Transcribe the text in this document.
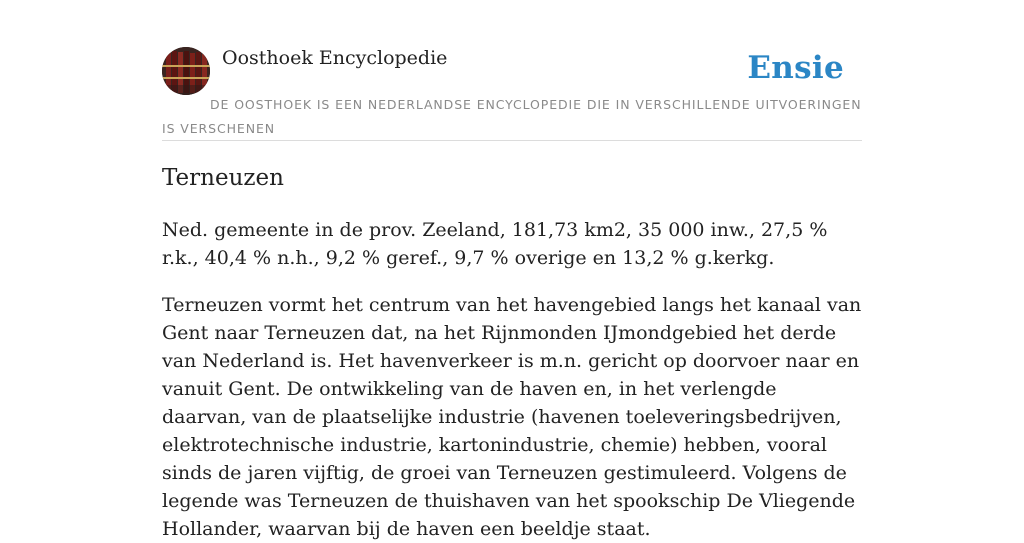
Oosthoek Encyclopedie	Ensie
DE OOSTHOEK IS EEN NEDERLANDSE ENCYCLOPEDIE DIE IN VERSCHILLENDE UITVOERINGEN IS VERSCHENEN
Terneuzen

Ned. gemeente in de prov. Zeeland, 181,73 km2, 35 000 inw., 27,5 % r.k., 40,4 % n.h., 9,2 % geref., 9,7 % overige en 13,2 % g.kerkg.

Terneuzen vormt het centrum van het havengebied langs het kanaal van Gent naar Terneuzen dat, na het Rijnmonden IJmondgebied het derde van Nederland is. Het havenverkeer is m.n. gericht op doorvoer naar en vanuit Gent. De ontwikkeling van de haven en, in het verlengde daarvan, van de plaatselijke industrie (havenen toeleveringsbedrijven, elektrotechnische industrie, kartonindustrie, chemie) hebben, vooral sinds de jaren vijftig, de groei van Terneuzen gestimuleerd. Volgens de legende was Terneuzen de thuishaven van het spookschip De Vliegende Hollander, waarvan bij de haven een beeldje staat.
